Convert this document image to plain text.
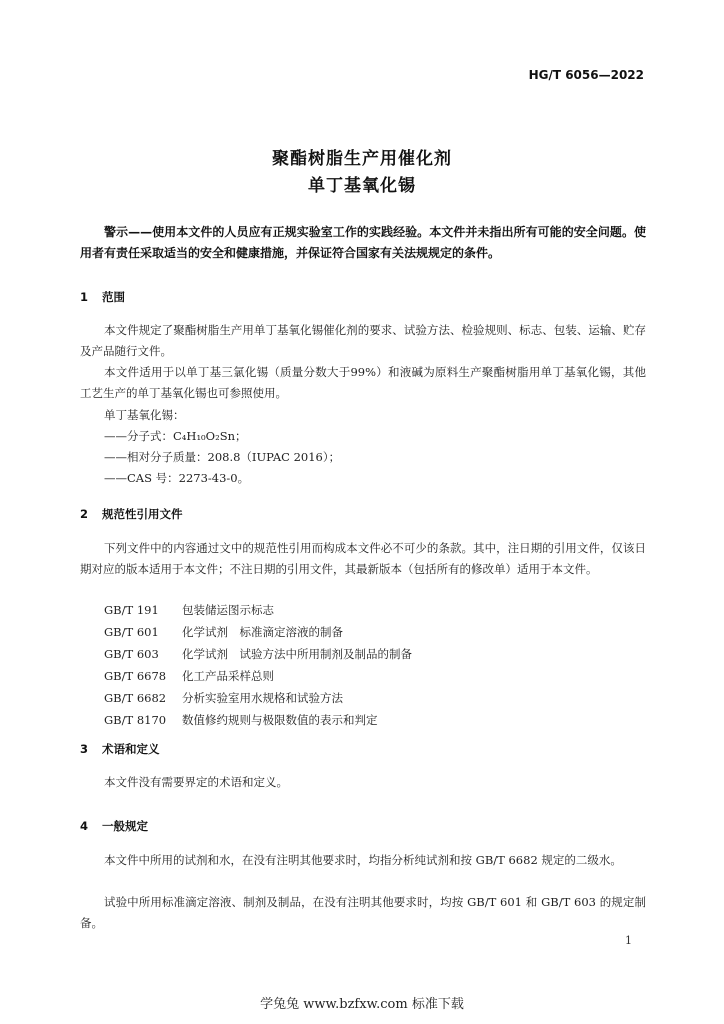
HG/T 6056—2022
聚酯树脂生产用催化剂
单丁基氧化锡
警示——使用本文件的人员应有正规实验室工作的实践经验。本文件并未指出所有可能的安全问题。使用者有责任采取适当的安全和健康措施，并保证符合国家有关法规规定的条件。
1 范围
本文件规定了聚酯树脂生产用单丁基氧化锡催化剂的要求、试验方法、检验规则、标志、包装、运输、贮存及产品随行文件。
本文件适用于以单丁基三氯化锡（质量分数大于99%）和液碱为原料生产聚酯树脂用单丁基氧化锡，其他工艺生产的单丁基氧化锡也可参照使用。
单丁基氧化锡：
——分子式：C₄H₁₀O₂Sn；
——相对分子质量：208.8（IUPAC 2016）；
——CAS 号：2273-43-0。
2 规范性引用文件
下列文件中的内容通过文中的规范性引用而构成本文件必不可少的条款。其中，注日期的引用文件，仅该日期对应的版本适用于本文件；不注日期的引用文件，其最新版本（包括所有的修改单）适用于本文件。
GB/T 191 包装储运图示标志
GB/T 601 化学试剂　标准滴定溶液的制备
GB/T 603 化学试剂　试验方法中所用制剂及制品的制备
GB/T 6678 化工产品采样总则
GB/T 6682 分析实验室用水规格和试验方法
GB/T 8170 数值修约规则与极限数值的表示和判定
3 术语和定义
本文件没有需要界定的术语和定义。
4 一般规定
本文件中所用的试剂和水，在没有注明其他要求时，均指分析纯试剂和按 GB/T 6682 规定的二级水。
试验中所用标准滴定溶液、制剂及制品，在没有注明其他要求时，均按 GB/T 601 和 GB/T 603 的规定制备。
1
学兔兔 www.bzfxw.com 标准下载
